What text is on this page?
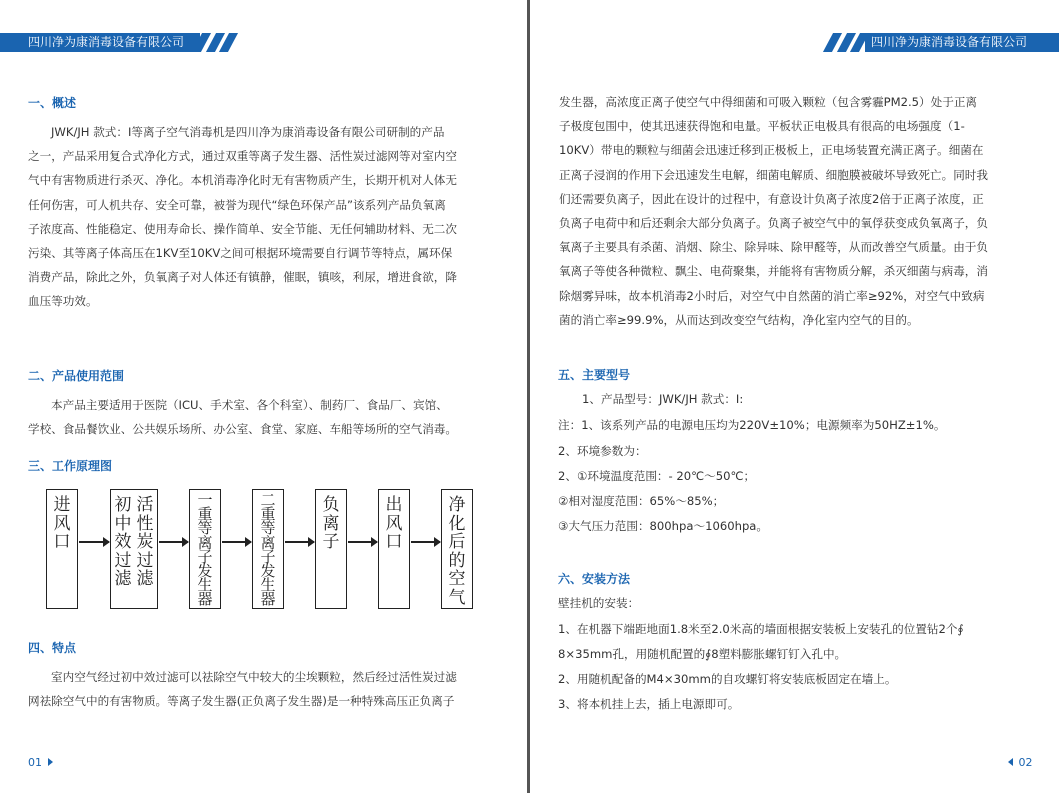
四川净为康消毒设备有限公司
一、概述
JWK/JH 款式：I等离子空气消毒机是四川净为康消毒设备有限公司研制的产品
之一，产品采用复合式净化方式，通过双重等离子发生器、活性炭过滤网等对室内空
气中有害物质进行杀灭、净化。本机消毒净化时无有害物质产生，长期开机对人体无
任何伤害，可人机共存、安全可靠，被誉为现代“绿色环保产品”该系列产品负氧离
子浓度高、性能稳定、使用寿命长、操作简单、安全节能、无任何辅助材料、无二次
污染、其等离子体高压在1KV至10KV之间可根据环境需要自行调节等特点，属环保
消费产品，除此之外，负氧离子对人体还有镇静，催眠，镇咳，利尿，增进食欲，降
血压等功效。
二、产品使用范围
本产品主要适用于医院（ICU、手术室、各个科室）、制药厂、食品厂、宾馆、
学校、食品餐饮业、公共娱乐场所、办公室、食堂、家庭、车船等场所的空气消毒。
三、工作原理图
进风口
初中效过滤
活性炭过滤
一重等离子发生器
二重等离子发生器
负离子
出风口
净化后的空气
四、特点
室内空气经过初中效过滤可以祛除空气中较大的尘埃颗粒，然后经过活性炭过滤
网祛除空气中的有害物质。等离子发生器(正负离子发生器)是一种特殊高压正负离子
01
四川净为康消毒设备有限公司
发生器，高浓度正离子使空气中得细菌和可吸入颗粒（包含雾霾PM2.5）处于正离
子极度包围中，使其迅速获得饱和电量。平板状正电极具有很高的电场强度（1-
10KV）带电的颗粒与细菌会迅速迁移到正极板上，正电场装置充满正离子。细菌在
正离子浸润的作用下会迅速发生电解，细菌电解质、细胞膜被破坏导致死亡。同时我
们还需要负离子，因此在设计的过程中，有意设计负离子浓度2倍于正离子浓度，正
负离子电荷中和后还剩余大部分负离子。负离子被空气中的氧俘获变成负氧离子，负
氧离子主要具有杀菌、消烟、除尘、除异味、除甲醛等，从而改善空气质量。由于负
氧离子等使各种微粒、飘尘、电荷聚集，并能将有害物质分解，杀灭细菌与病毒，消
除烟雾异味，故本机消毒2小时后，对空气中自然菌的消亡率≥92%，对空气中致病
菌的消亡率≥99.9%，从而达到改变空气结构，净化室内空气的目的。
五、主要型号
1、产品型号：JWK/JH 款式：I:
注：1、该系列产品的电源电压均为220V±10%；电源频率为50HZ±1%。
2、环境参数为：
2、①环境温度范围：- 20℃～50℃；
②相对湿度范围：65%～85%；
③大气压力范围：800hpa～1060hpa。
六、安装方法
壁挂机的安装：
1、在机器下端距地面1.8米至2.0米高的墙面根据安装板上安装孔的位置钻2个∮
8×35mm孔，用随机配置的∮8塑料膨胀螺钉钉入孔中。
2、用随机配备的M4×30mm的自攻螺钉将安装底板固定在墙上。
3、将本机挂上去，插上电源即可。
02
